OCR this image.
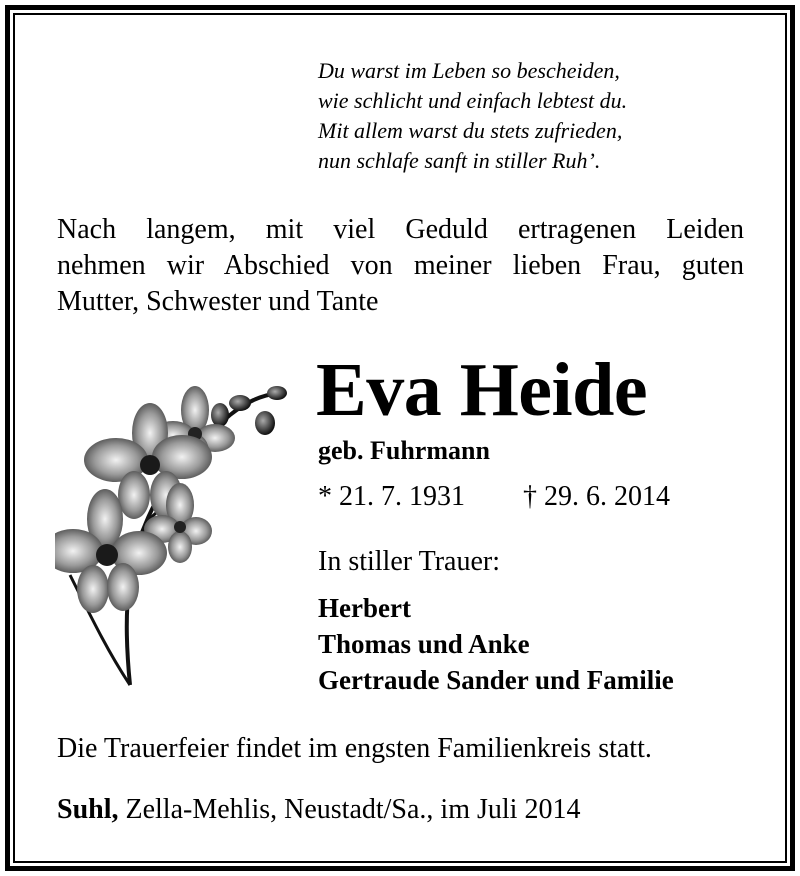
Du warst im Leben so bescheiden,
wie schlicht und einfach lebtest du.
Mit allem warst du stets zufrieden,
nun schlafe sanft in stiller Ruh’.
Nach langem, mit viel Geduld ertragenen Leiden
nehmen wir Abschied von meiner lieben Frau, guten
Mutter, Schwester und Tante
Eva Heide
geb. Fuhrmann
* 21. 7. 1931 † 29. 6. 2014
In stiller Trauer:
Herbert
Thomas und Anke
Gertraude Sander und Familie
Die Trauerfeier findet im engsten Familienkreis statt.
Suhl, Zella-Mehlis, Neustadt/Sa., im Juli 2014
